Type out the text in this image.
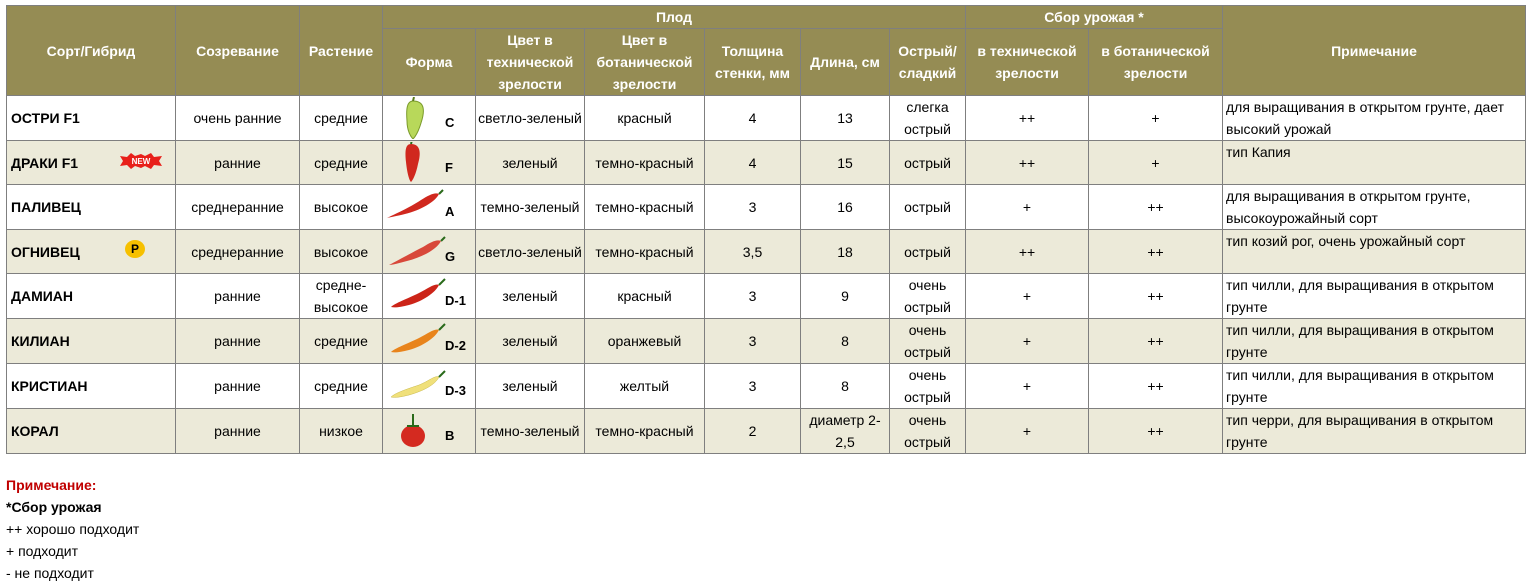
Сорт/Гибрид	Созревание	Растение	Плод						Сбор урожая *		Примечание
			Форма	Цвет в технической зрелости	Цвет в ботанической зрелости	Толщина стенки, мм	Длина, см	Острый/сладкий	в технической зрелости	в ботанической зрелости	
ОСТРИ F1	очень ранние	средние	C	светло-зеленый	красный	4	13	слегка острый	++	+	для выращивания в открытом грунте, дает высокий урожай
ДРАКИ F1 NEW	ранние	средние	F	зеленый	темно-красный	4	15	острый	++	+	тип Капия
ПАЛИВЕЦ	среднеранние	высокое	A	темно-зеленый	темно-красный	3	16	острый	+	++	для выращивания в открытом грунте, высокоурожайный сорт
ОГНИВЕЦ P	среднеранние	высокое	G	светло-зеленый	темно-красный	3,5	18	острый	++	++	тип козий рог, очень урожайный сорт
ДАМИАН	ранние	средне-высокое	D-1	зеленый	красный	3	9	очень острый	+	++	тип чилли, для выращивания в открытом грунте
КИЛИАН	ранние	средние	D-2	зеленый	оранжевый	3	8	очень острый	+	++	тип чилли, для выращивания в открытом грунте
КРИСТИАН	ранние	средние	D-3	зеленый	желтый	3	8	очень острый	+	++	тип чилли, для выращивания в открытом грунте
КОРАЛ	ранние	низкое	B	темно-зеленый	темно-красный	2	диаметр 2-2,5	очень острый	+	++	тип черри, для выращивания в открытом грунте
Примечание:
*Сбор урожая
++ хорошо подходит
+ подходит
- не подходит
